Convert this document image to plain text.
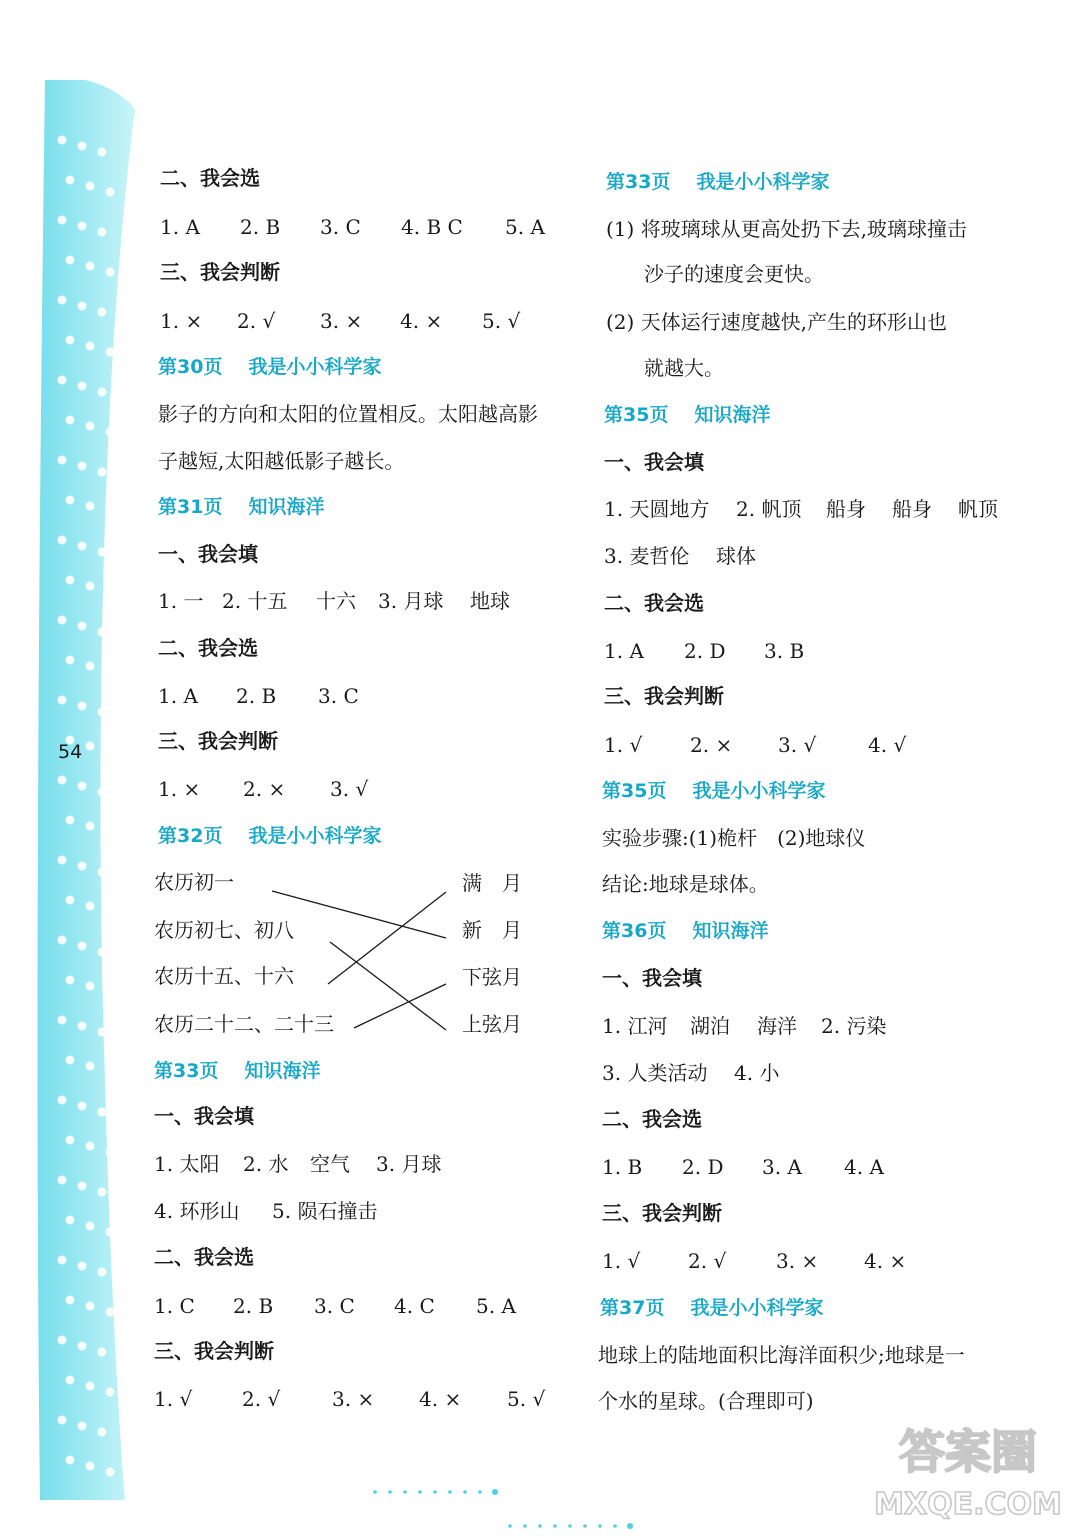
54
二、我会选
1. A 2. B 3. C 4. B C 5. A
三、我会判断
1. × 2. √ 3. × 4. × 5. √
第30页 我是小小科学家
影子的方向和太阳的位置相反。太阳越高影
子越短,太阳越低影子越长。
第31页 知识海洋
一、我会填
1. 一 2. 十五 十六 3. 月球 地球
二、我会选
1. A 2. B 3. C
三、我会判断
1. × 2. × 3. √
第32页 我是小小科学家
农历初一
农历初七、初八
农历十五、十六
农历二十二、二十三
满　月
新　月
下弦月
上弦月
第33页 知识海洋
一、我会填
1. 太阳 2. 水 空气 3. 月球
4. 环形山 5. 陨石撞击
二、我会选
1. C 2. B 3. C 4. C 5. A
三、我会判断
1. √ 2. √	3. × 4. × 5. √
第33页 我是小小科学家
(1) 将玻璃球从更高处扔下去,玻璃球撞击
沙子的速度会更快。
(2) 天体运行速度越快,产生的环形山也
就越大。
第35页 知识海洋
一、我会填
1. 天圆地方 2. 帆顶 船身 船身 帆顶
3. 麦哲伦 球体
二、我会选
1. A 2. D 3. B
三、我会判断
1. √ 2. × 3. √	4. √
第35页 我是小小科学家
实验步骤:(1)桅杆　(2)地球仪
结论:地球是球体。
第36页 知识海洋
一、我会填
1. 江河 湖泊 海洋 2. 污染
3. 人类活动 4. 小
二、我会选
1. B 2. D 3. A 4. A
三、我会判断
1. √ 2. √ 3. × 4. ×
第37页 我是小小科学家
地球上的陆地面积比海洋面积少;地球是一
个水的星球。(合理即可)
答案圈
MXQE.COM
